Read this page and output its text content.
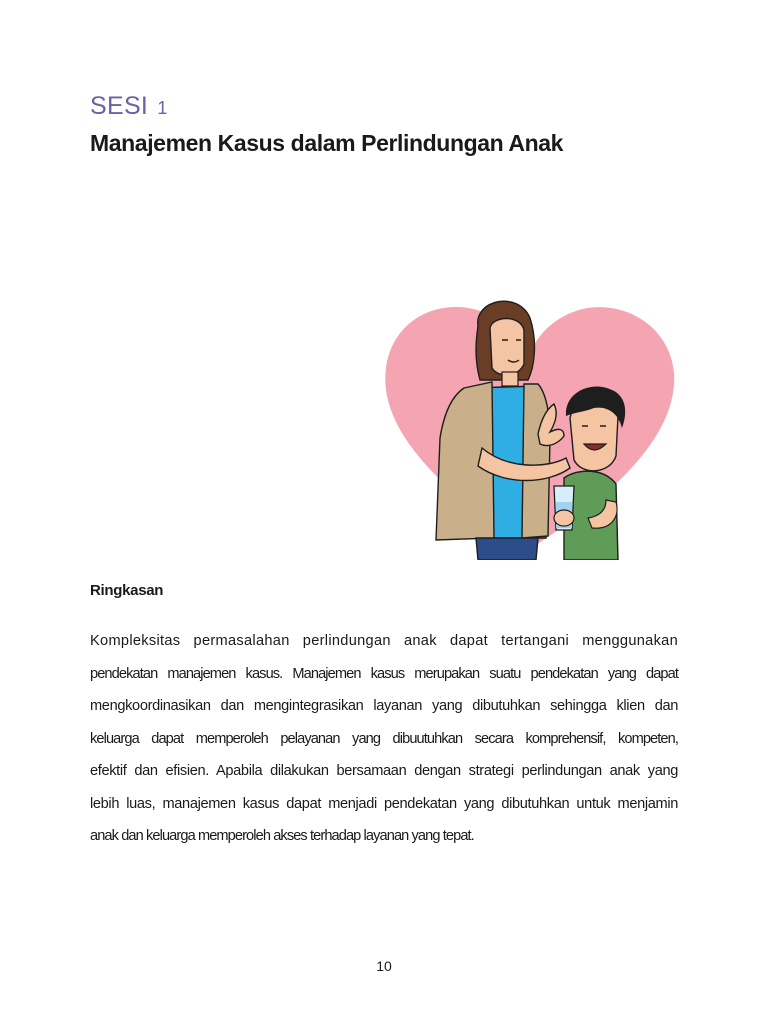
SESI 1
Manajemen Kasus dalam Perlindungan Anak
Ringkasan
Kompleksitas permasalahan perlindungan anak dapat tertangani menggunakan
pendekatan manajemen kasus. Manajemen kasus merupakan suatu pendekatan yang dapat
mengkoordinasikan dan mengintegrasikan layanan yang dibutuhkan sehingga klien dan
keluarga dapat memperoleh pelayanan yang dibuutuhkan secara komprehensif, kompeten,
efektif dan efisien. Apabila dilakukan bersamaan dengan strategi perlindungan anak yang
lebih luas, manajemen kasus dapat menjadi pendekatan yang dibutuhkan untuk menjamin
anak dan keluarga memperoleh akses terhadap layanan yang tepat.
10
